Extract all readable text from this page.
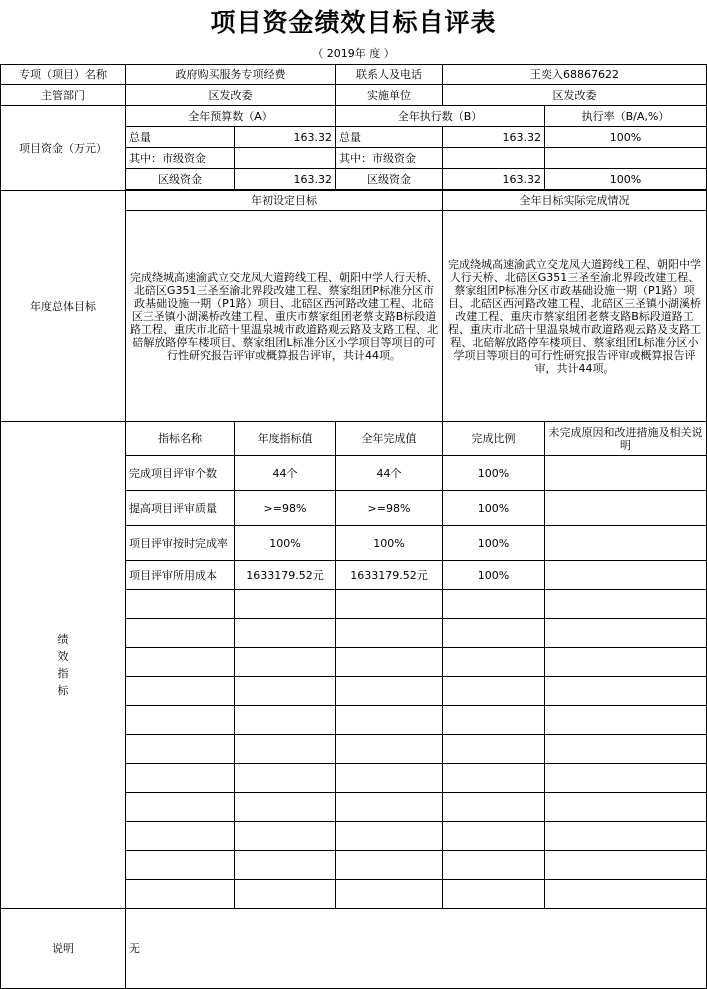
项目资金绩效目标自评表
（ 2019年 度 ）
专项（项目）名称	政府购买服务专项经费		联系人及电话	王奕入68867622	
主管部门	区发改委		实施单位	区发改委	
项目资金（万元）	全年预算数（A）		全年执行数（B）		执行率（B/A,%）
	总量	163.32	总量	163.32	100%
	其中：市级资金		其中：市级资金		
	区级资金	163.32	区级资金	163.32	100%

年度总体目标	年初设定目标			全年目标实际完成情况	
	完成绕城高速渝武立交龙凤大道跨线工程、朝阳中学人行天桥、北碚区G351三圣至渝北界段改建工程、蔡家组团P标准分区市政基础设施一期（P1路）项目、北碚区西河路改建工程、北碚区三圣镇小湖溪桥改建工程、重庆市蔡家组团老蔡支路B标段道路工程、重庆市北碚十里温泉城市政道路观云路及支路工程、北碚解放路停车楼项目、蔡家组团L标准分区小学项目等项目的可行性研究报告评审或概算报告评审，共计44项。			完成绕城高速渝武立交龙凤大道跨线工程、朝阳中学人行天桥、北碚区G351三圣至渝北界段改建工程、蔡家组团P标准分区市政基础设施一期（P1路）项目、北碚区西河路改建工程、北碚区三圣镇小湖溪桥改建工程、重庆市蔡家组团老蔡支路B标段道路工程、重庆市北碚十里温泉城市政道路观云路及支路工程、北碚解放路停车楼项目、蔡家组团L标准分区小学项目等项目的可行性研究报告评审或概算报告评审，共计44项。	

绩
效
指
标	指标名称	年度指标值	全年完成值	完成比例	未完成原因和改进措施及相关说明
	完成项目评审个数	44个	44个	100%	
	提高项目评审质量	>=98%	>=98%	100%	
	项目评审按时完成率	100%	100%	100%	
	项目评审所用成本	1633179.52元	1633179.52元	100%	

说明	无				
